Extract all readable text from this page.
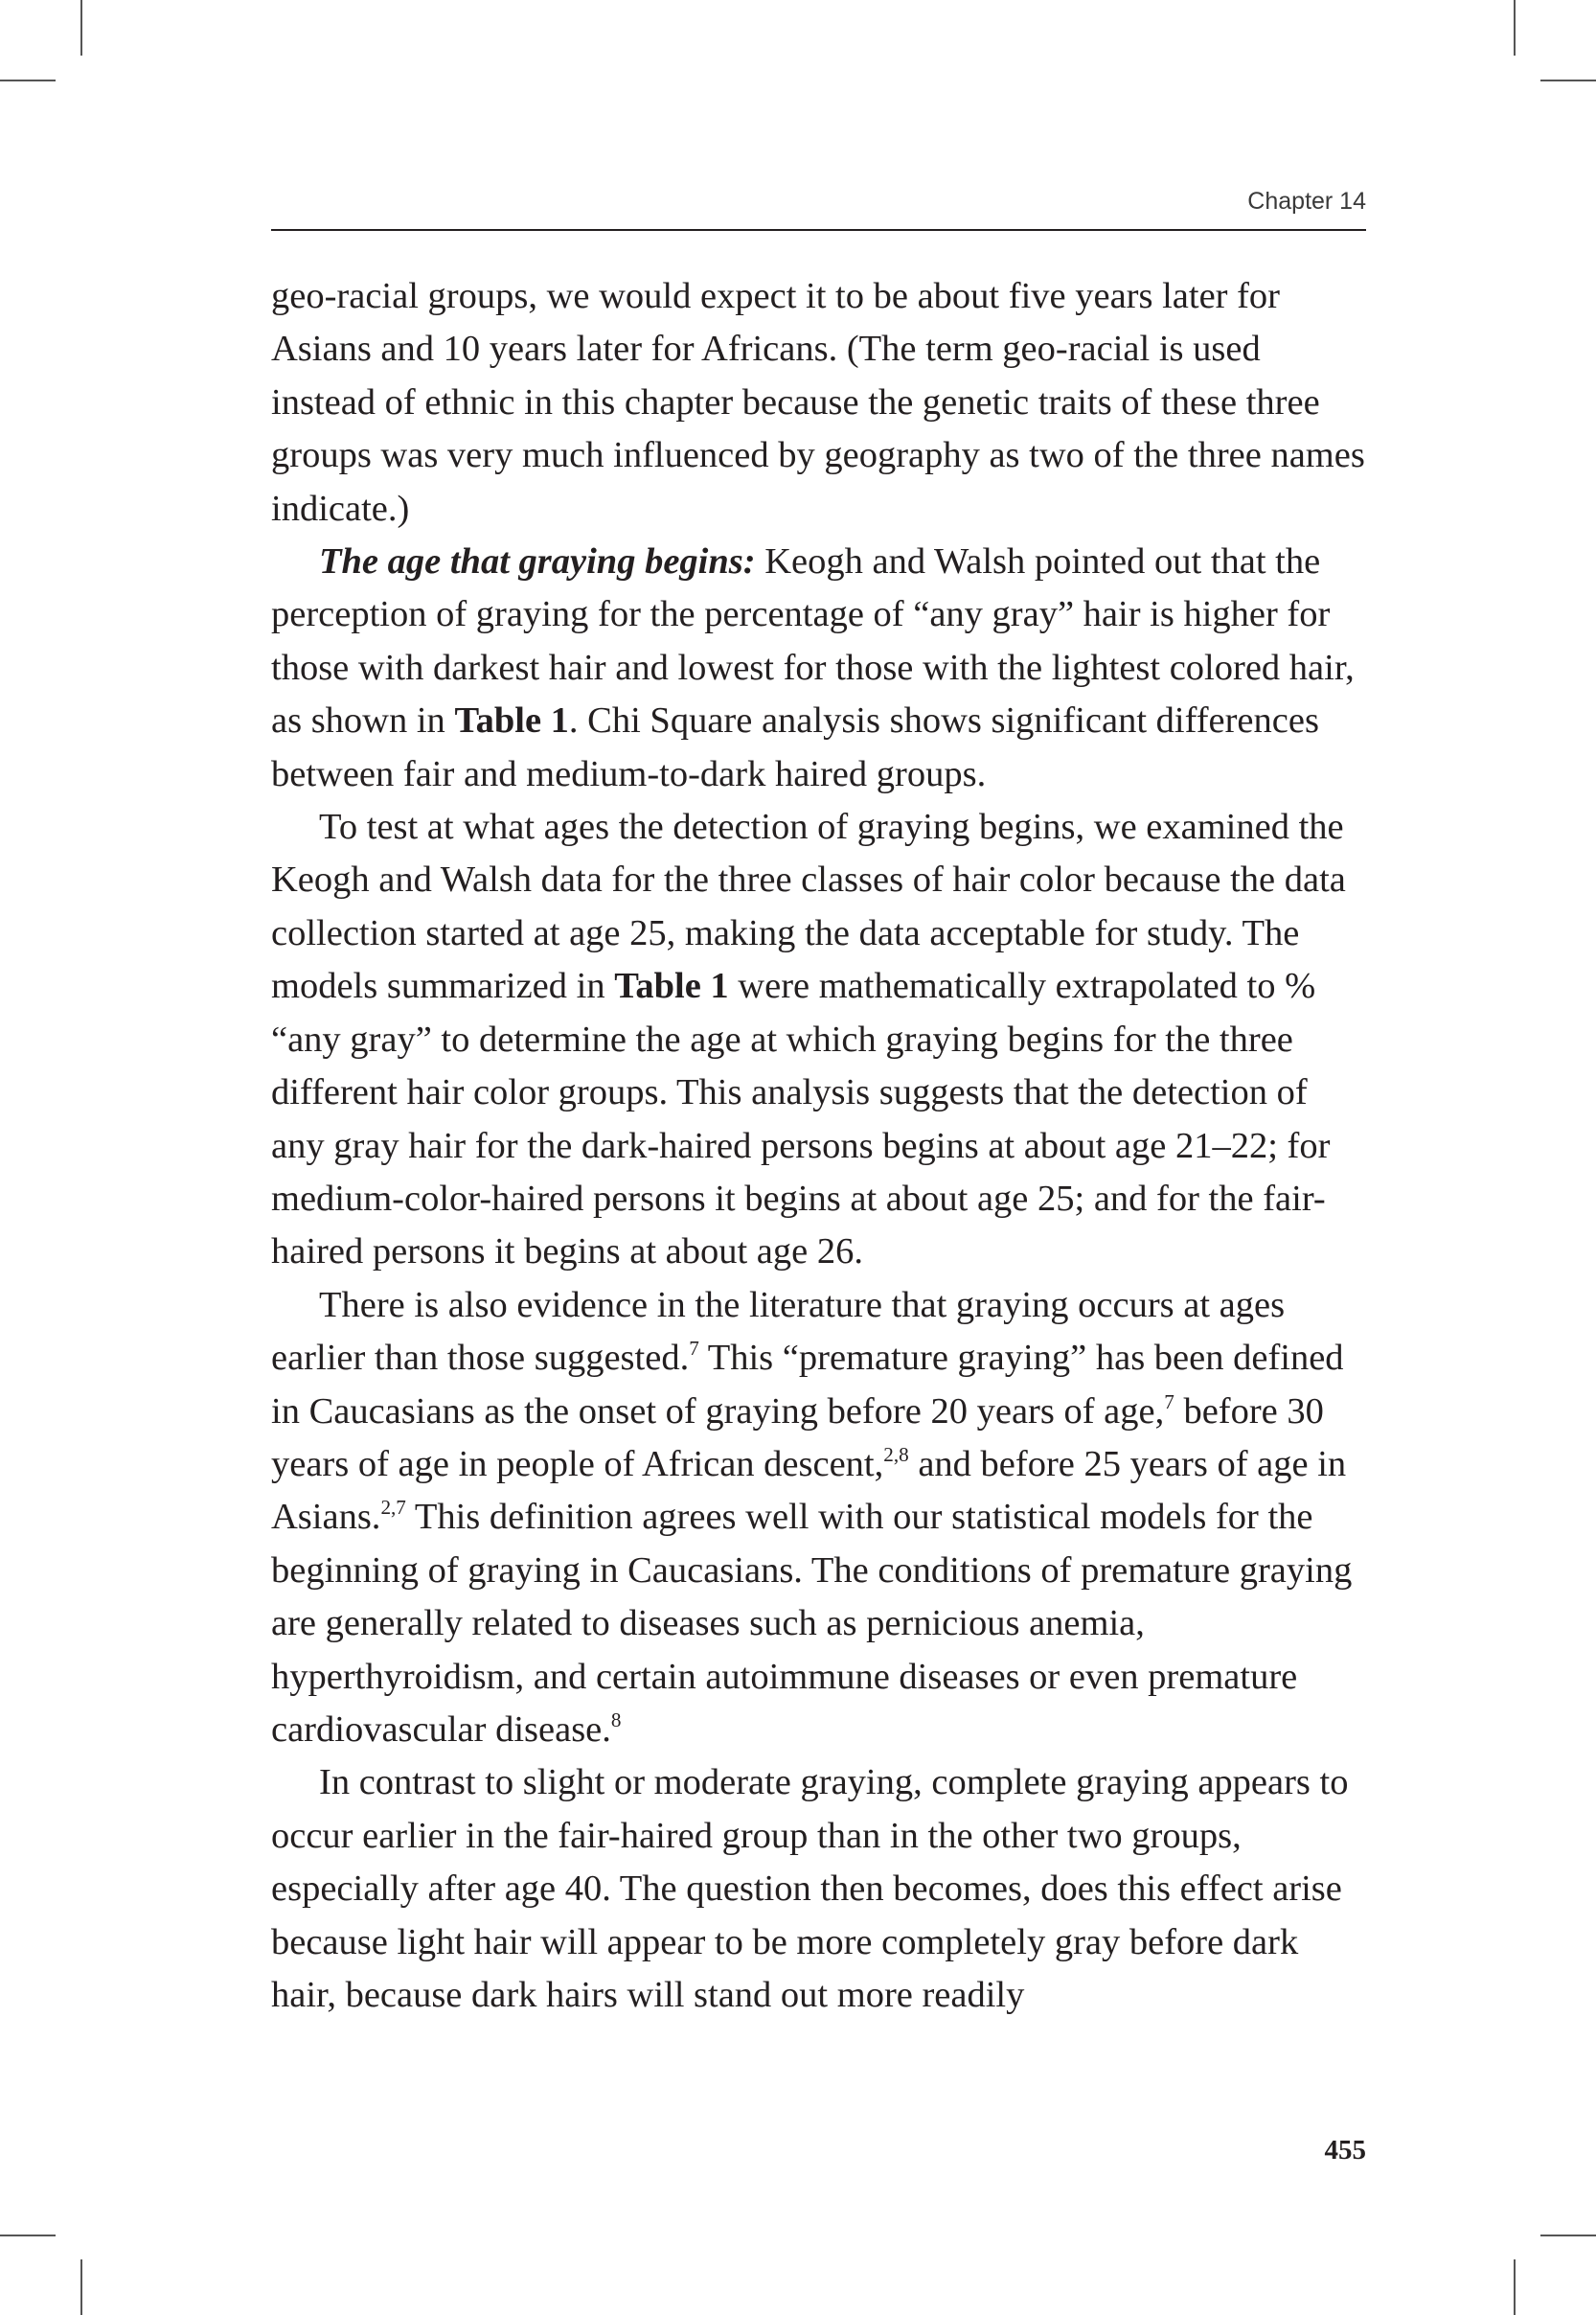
Chapter 14

geo-racial groups, we would expect it to be about five years later for Asians and 10 years later for Africans. (The term geo-racial is used instead of ethnic in this chapter because the genetic traits of these three groups was very much influenced by geography as two of the three names indicate.)

The age that graying begins: Keogh and Walsh pointed out that the perception of graying for the percentage of “any gray” hair is higher for those with darkest hair and lowest for those with the lightest colored hair, as shown in Table 1. Chi Square analysis shows significant differences between fair and medium-to-dark haired groups.

To test at what ages the detection of graying begins, we examined the Keogh and Walsh data for the three classes of hair color because the data collection started at age 25, making the data acceptable for study. The models summarized in Table 1 were mathematically extrapolated to % “any gray” to determine the age at which graying begins for the three different hair color groups. This analysis suggests that the detection of any gray hair for the dark-haired persons begins at about age 21–22; for medium-color-haired persons it begins at about age 25; and for the fair-haired persons it begins at about age 26.

There is also evidence in the literature that graying occurs at ages earlier than those suggested.$^7$ This “premature graying” has been defined in Caucasians as the onset of graying before 20 years of age,$^7$ before 30 years of age in people of African descent,$^{2,8}$ and before 25 years of age in Asians.$^{2,7}$ This definition agrees well with our statistical models for the beginning of graying in Caucasians. The conditions of premature graying are generally related to diseases such as pernicious anemia, hyperthyroidism, and certain autoimmune diseases or even premature cardiovascular disease.$^8$

In contrast to slight or moderate graying, complete graying appears to occur earlier in the fair-haired group than in the other two groups, especially after age 40. The question then becomes, does this effect arise because light hair will appear to be more completely gray before dark hair, because dark hairs will stand out more readily

455
